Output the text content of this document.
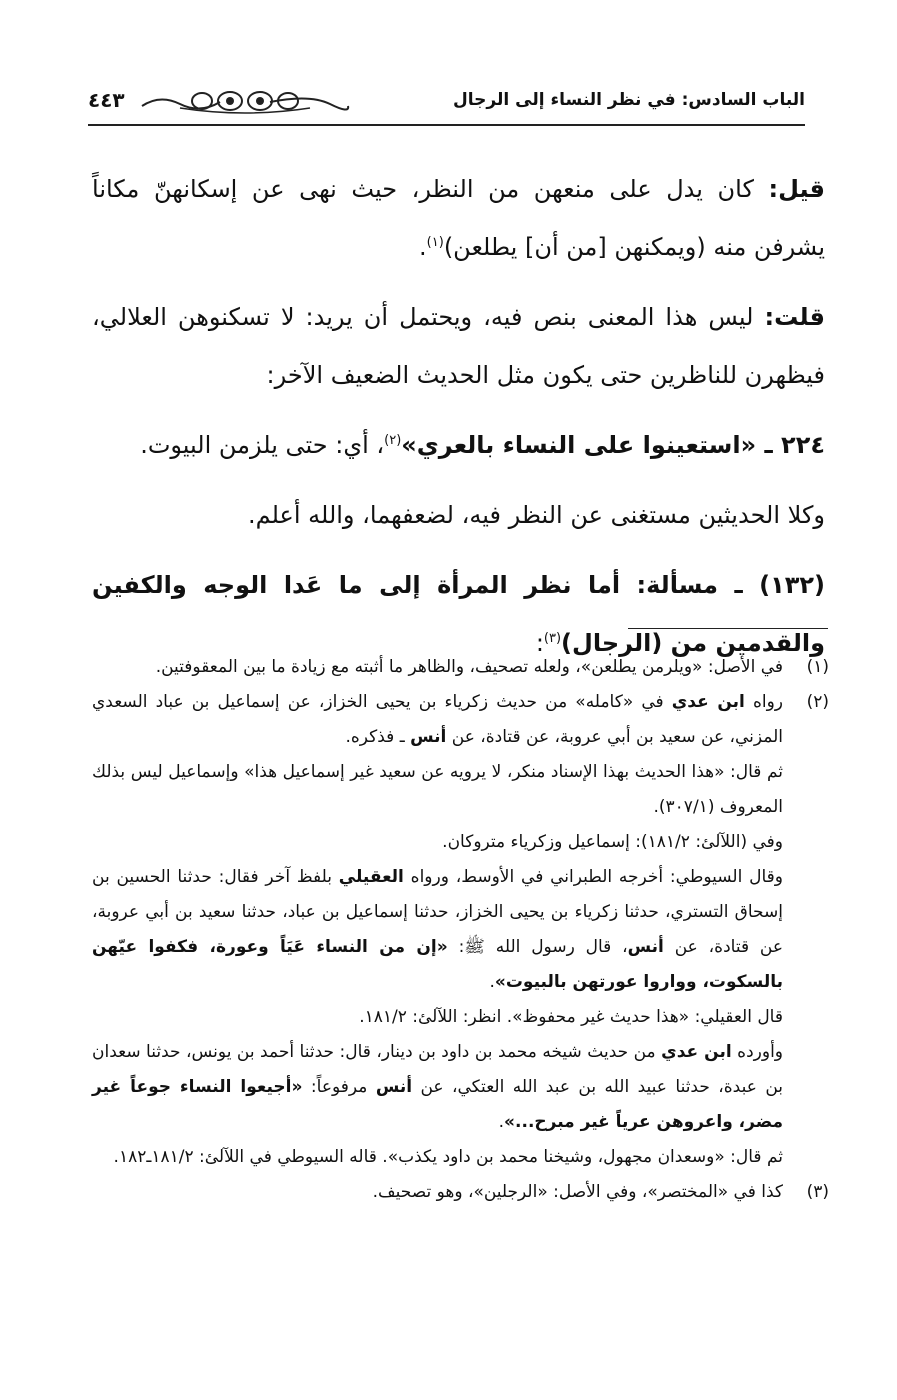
الباب السادس: في نظر النساء إلى الرجال
٤٤٣

قيل: كان يدل على منعهن من النظر، حيث نهى عن إسكانهنّ مكاناً يشرفن منه (ويمكنهن [من أن] يطلعن)$^{(١)}$.

قلت: ليس هذا المعنى بنص فيه، ويحتمل أن يريد: لا تسكنوهن العلالي، فيظهرن للناظرين حتى يكون مثل الحديث الضعيف الآخر:

٢٢٤ ـ «استعينوا على النساء بالعري»$^{(٢)}$، أي: حتى يلزمن البيوت.

وكلا الحديثين مستغنى عن النظر فيه، لضعفهما، والله أعلم.

(١٣٢) ـ مسألة: أما نظر المرأة إلى ما عَدا الوجه والكفين والقدمين من (الرجال)$^{(٣)}$:

(١)

في الأصل: «ويلرمن يطلعن»، ولعله تصحيف، والظاهر ما أثبته مع زيادة ما بين المعقوفتين.

(٢)

رواه ابن عدي في «كامله» من حديث زكرياء بن يحيى الخزاز، عن إسماعيل بن عباد السعدي المزني، عن سعيد بن أبي عروبة، عن قتادة، عن أنس ـ فذكره.

ثم قال: «هذا الحديث بهذا الإسناد منكر، لا يرويه عن سعيد غير إسماعيل هذا» وإسماعيل ليس بذلك المعروف (٣٠٧/١).

وفي (اللآلئ: ١٨١/٢): إسماعيل وزكرياء متروكان.

وقال السيوطي: أخرجه الطبراني في الأوسط، ورواه العقيلي بلفظ آخر فقال: حدثنا الحسين بن إسحاق التستري، حدثنا زكرياء بن يحيى الخزاز، حدثنا إسماعيل بن عباد، حدثنا سعيد بن أبي عروبة، عن قتادة، عن أنس، قال رسول الله ﷺ: «إن من النساء عَيَاً وعورة، فكفوا عيّهن بالسكوت، وواروا عورتهن بالبيوت».

قال العقيلي: «هذا حديث غير محفوظ». انظر: اللآلئ: ١٨١/٢.

وأورده ابن عدي من حديث شيخه محمد بن داود بن دينار، قال: حدثنا أحمد بن يونس، حدثنا سعدان بن عبدة، حدثنا عبيد الله بن عبد الله العتكي، عن أنس مرفوعاً: «أجيعوا النساء جوعاً غير مضر، واعروهن عرياً غير مبرح...».

ثم قال: «وسعدان مجهول، وشيخنا محمد بن داود يكذب». قاله السيوطي في اللآلئ: ١٨١/٢ـ١٨٢.

(٣)

كذا في «المختصر»، وفي الأصل: «الرجلين»، وهو تصحيف.
